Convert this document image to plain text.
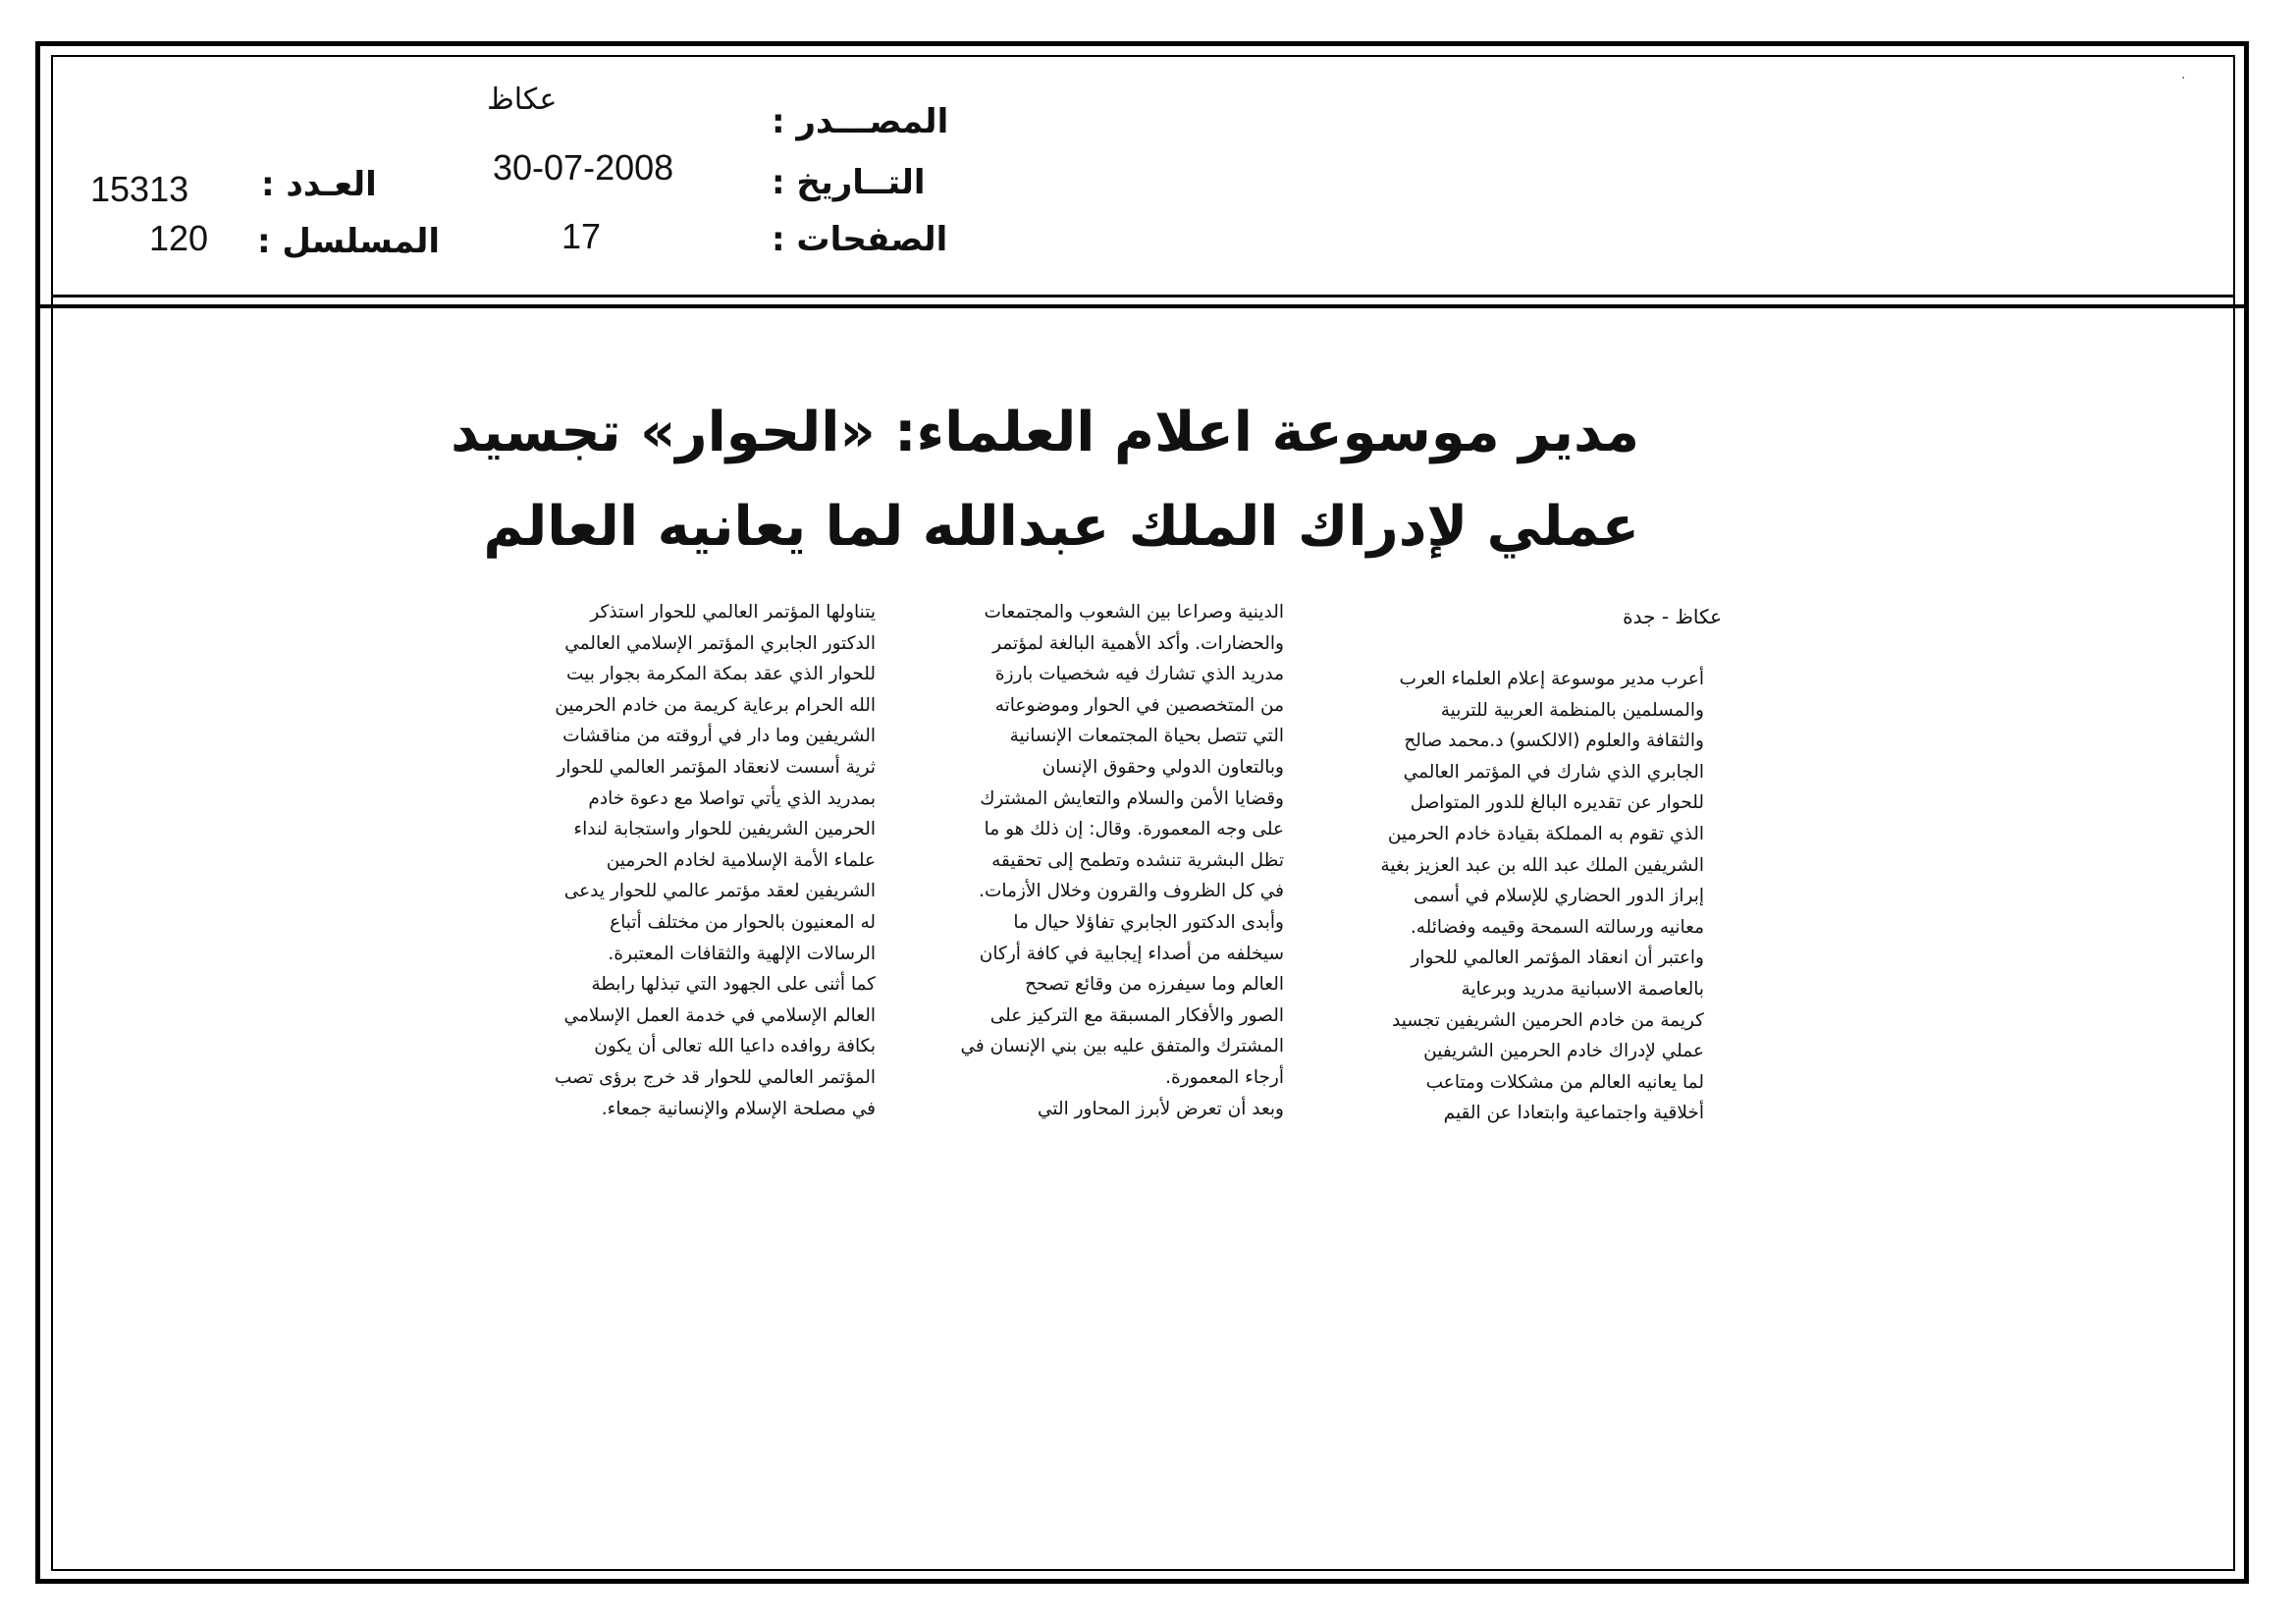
·
المصـــدر :
عكاظ
التــاريخ :
30-07-2008
الصفحات :
17
العـدد :
15313
المسلسل :
120
مدير موسوعة اعلام العلماء: «الحوار» تجسيد
عملي لإدراك الملك عبدالله لما يعانيه العالم
عكاظ - جدة

أعرب مدير موسوعة إعلام العلماء العرب
والمسلمين بالمنظمة العربية للتربية
والثقافة والعلوم (الالكسو) د.محمد صالح
الجابري الذي شارك في المؤتمر العالمي
للحوار عن تقديره البالغ للدور المتواصل
الذي تقوم به المملكة بقيادة خادم الحرمين
الشريفين الملك عبد الله بن عبد العزيز بغية
إبراز الدور الحضاري للإسلام في أسمى
معانيه ورسالته السمحة وقيمه وفضائله.
واعتبر أن انعقاد المؤتمر العالمي للحوار
بالعاصمة الاسبانية مدريد وبرعاية
كريمة من خادم الحرمين الشريفين تجسيد
عملي لإدراك خادم الحرمين الشريفين
لما يعانيه العالم من مشكلات ومتاعب
أخلاقية واجتماعية وابتعادا عن القيم

الدينية وصراعا بين الشعوب والمجتمعات
والحضارات. وأكد الأهمية البالغة لمؤتمر
مدريد الذي تشارك فيه شخصيات بارزة
من المتخصصين في الحوار وموضوعاته
التي تتصل بحياة المجتمعات الإنسانية
وبالتعاون الدولي وحقوق الإنسان
وقضايا الأمن والسلام والتعايش المشترك
على وجه المعمورة. وقال: إن ذلك هو ما
تظل البشرية تنشده وتطمح إلى تحقيقه
في كل الظروف والقرون وخلال الأزمات.
وأبدى الدكتور الجابري تفاؤلا حيال ما
سيخلفه من أصداء إيجابية في كافة أركان
العالم وما سيفرزه من وقائع تصحح
الصور والأفكار المسبقة مع التركيز على
المشترك والمتفق عليه بين بني الإنسان في
أرجاء المعمورة.
وبعد أن تعرض لأبرز المحاور التي

يتناولها المؤتمر العالمي للحوار استذكر
الدكتور الجابري المؤتمر الإسلامي العالمي
للحوار الذي عقد بمكة المكرمة بجوار بيت
الله الحرام برعاية كريمة من خادم الحرمين
الشريفين وما دار في أروقته من مناقشات
ثرية أسست لانعقاد المؤتمر العالمي للحوار
بمدريد الذي يأتي تواصلا مع دعوة خادم
الحرمين الشريفين للحوار واستجابة لنداء
علماء الأمة الإسلامية لخادم الحرمين
الشريفين لعقد مؤتمر عالمي للحوار يدعى
له المعنيون بالحوار من مختلف أتباع
الرسالات الإلهية والثقافات المعتبرة.
كما أثنى على الجهود التي تبذلها رابطة
العالم الإسلامي في خدمة العمل الإسلامي
بكافة روافده داعيا الله تعالى أن يكون
المؤتمر العالمي للحوار قد خرج برؤى تصب
في مصلحة الإسلام والإنسانية جمعاء.
